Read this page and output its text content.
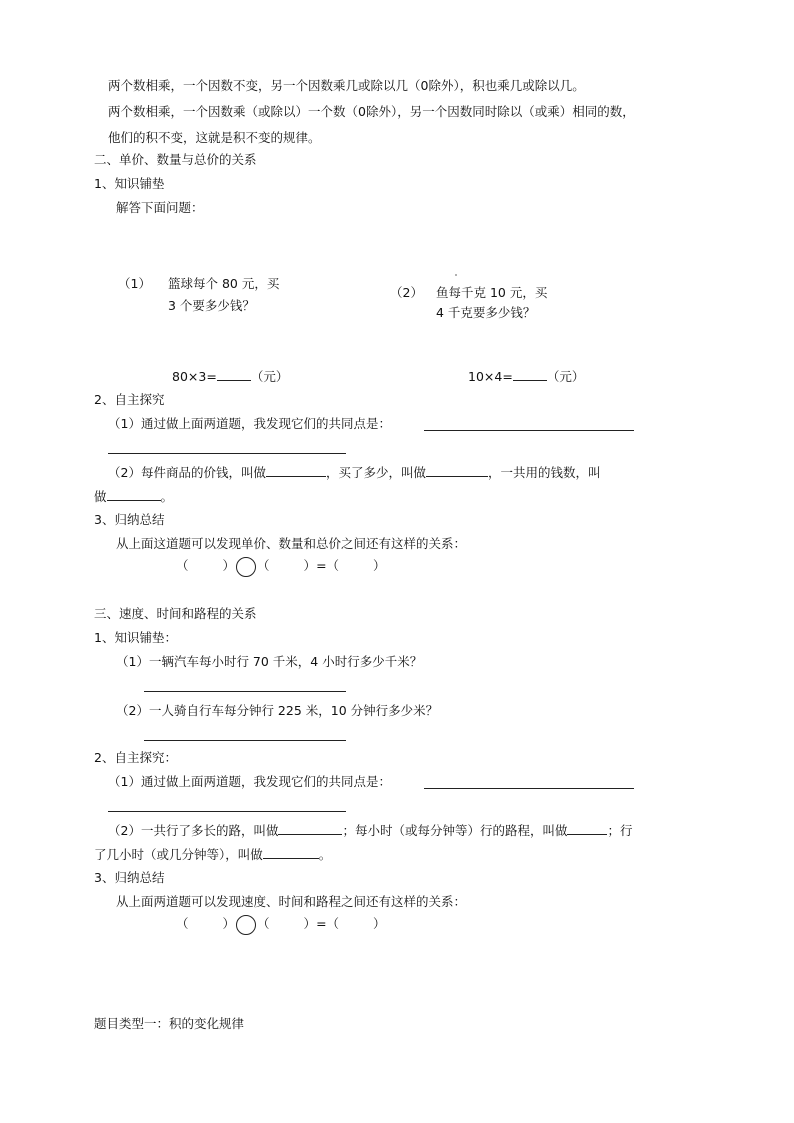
两个数相乘，一个因数不变，另一个因数乘几或除以几（0除外），积也乘几或除以几。
两个数相乘，一个因数乘（或除以）一个数（0除外），另一个因数同时除以（或乘）相同的数，
他们的积不变，这就是积不变的规律。
二、单价、数量与总价的关系
1、知识铺垫
解答下面问题：
（1） 篮球每个 80 元，买
3 个要多少钱？
（2） 鱼每千克 10 元，买
4 千克要多少钱？
80×3=	（元）	10×4=	（元）
2、自主探究
（1）通过做上面两道题，我发现它们的共同点是：
（2）每件商品的价钱，叫做	，买了多少，叫做	，一共用的钱数，叫
做	。
3、归纳总结
从上面这道题可以发现单价、数量和总价之间还有这样的关系：
（	） （	）=（	）
三、速度、时间和路程的关系
1、知识铺垫：
（1）一辆汽车每小时行 70 千米，4 小时行多少千米？
（2）一人骑自行车每分钟行 225 米，10 分钟行多少米？
2、自主探究：
（1）通过做上面两道题，我发现它们的共同点是：
（2）一共行了多长的路，叫做	；每小时（或每分钟等）行的路程，叫做	；行
了几小时（或几分钟等），叫做	。
3、归纳总结
从上面两道题可以发现速度、时间和路程之间还有这样的关系：
（	） （	）=（	）
题目类型一：积的变化规律
